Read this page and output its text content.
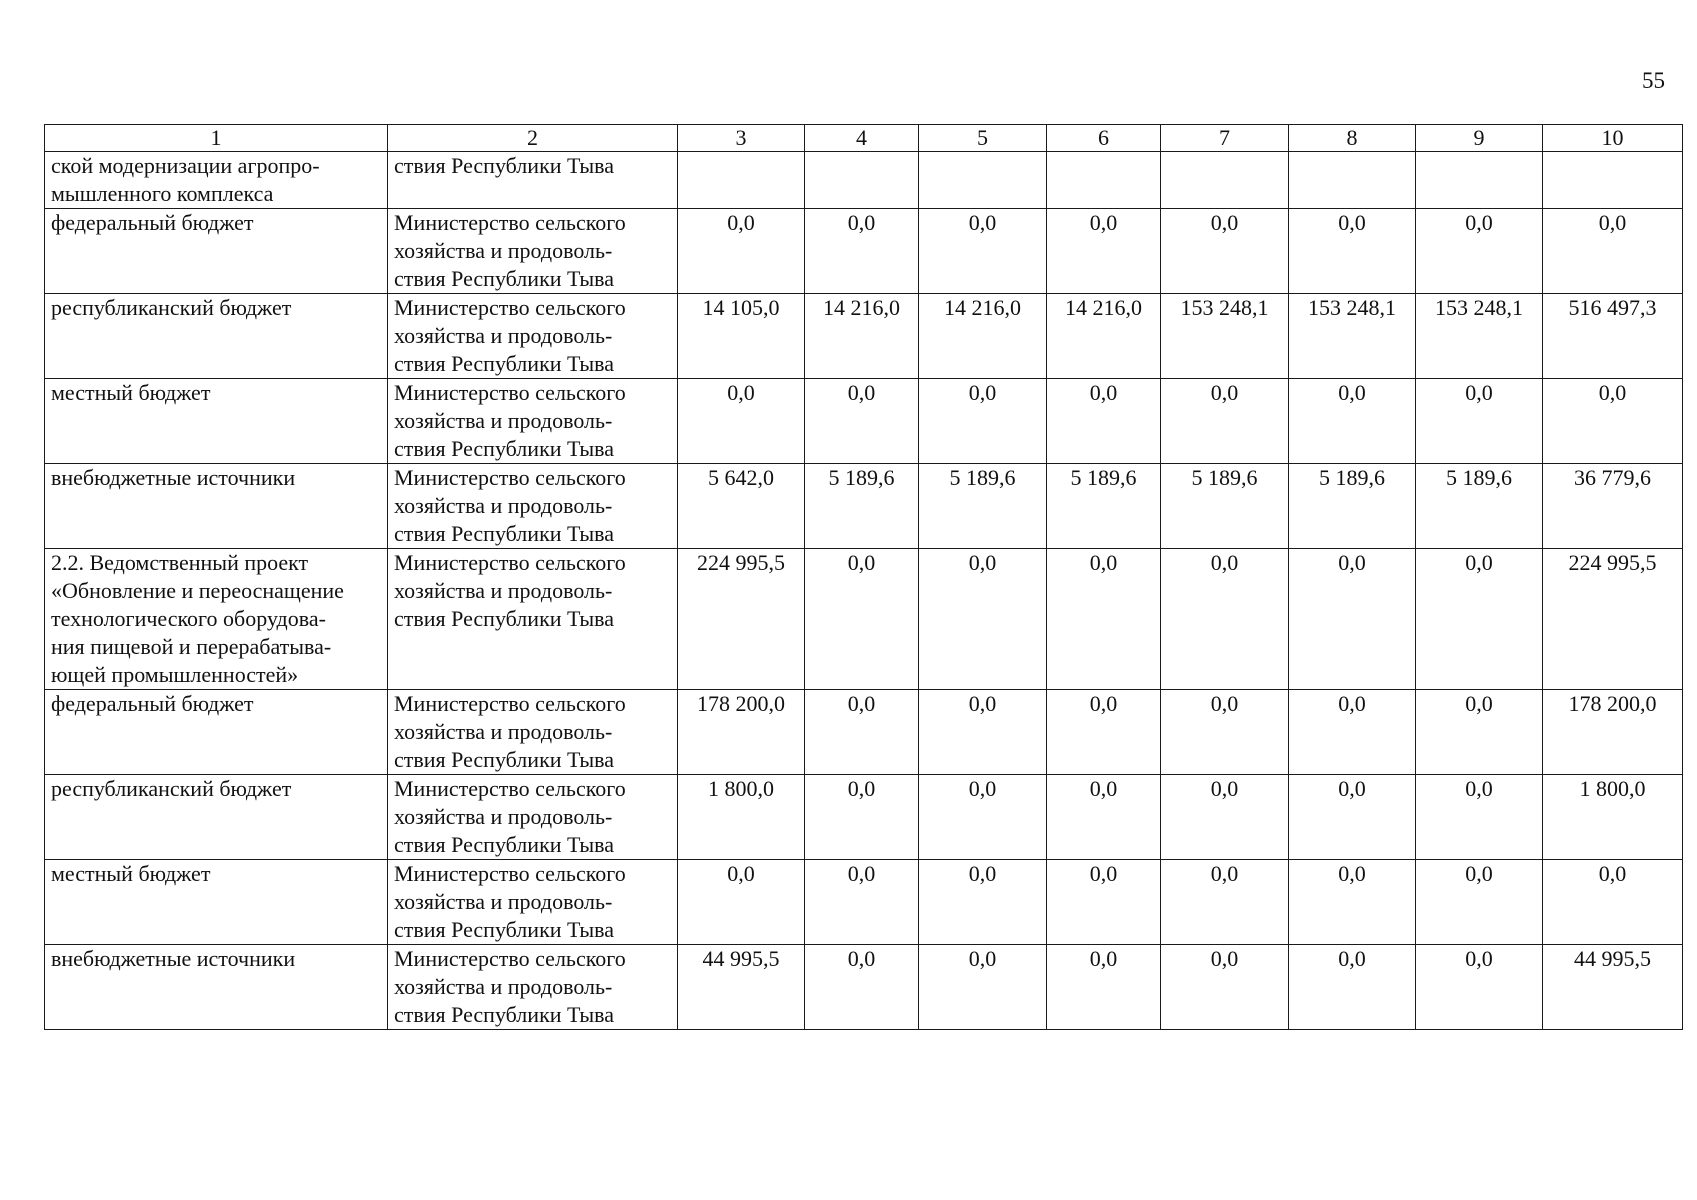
55
1	2	3	4	5	6	7	8	9	10

ской модернизации агропро-
мышленного комплекса	ствия Республики Тыва								

федеральный бюджет	Министерство сельского
хозяйства и продоволь-
ствия Республики Тыва	0,0	0,0	0,0	0,0	0,0	0,0	0,0	0,0

республиканский бюджет	Министерство сельского
хозяйства и продоволь-
ствия Республики Тыва	14 105,0	14 216,0	14 216,0	14 216,0	153 248,1	153 248,1	153 248,1	516 497,3

местный бюджет	Министерство сельского
хозяйства и продоволь-
ствия Республики Тыва	0,0	0,0	0,0	0,0	0,0	0,0	0,0	0,0

внебюджетные источники	Министерство сельского
хозяйства и продоволь-
ствия Республики Тыва	5 642,0	5 189,6	5 189,6	5 189,6	5 189,6	5 189,6	5 189,6	36 779,6

2.2. Ведомственный проект
«Обновление и переоснащение
технологического оборудова-
ния пищевой и перерабатыва-
ющей промышленностей»	Министерство сельского
хозяйства и продоволь-
ствия Республики Тыва	224 995,5	0,0	0,0	0,0	0,0	0,0	0,0	224 995,5

федеральный бюджет	Министерство сельского
хозяйства и продоволь-
ствия Республики Тыва	178 200,0	0,0	0,0	0,0	0,0	0,0	0,0	178 200,0

республиканский бюджет	Министерство сельского
хозяйства и продоволь-
ствия Республики Тыва	1 800,0	0,0	0,0	0,0	0,0	0,0	0,0	1 800,0

местный бюджет	Министерство сельского
хозяйства и продоволь-
ствия Республики Тыва	0,0	0,0	0,0	0,0	0,0	0,0	0,0	0,0

внебюджетные источники	Министерство сельского
хозяйства и продоволь-
ствия Республики Тыва	44 995,5	0,0	0,0	0,0	0,0	0,0	0,0	44 995,5
